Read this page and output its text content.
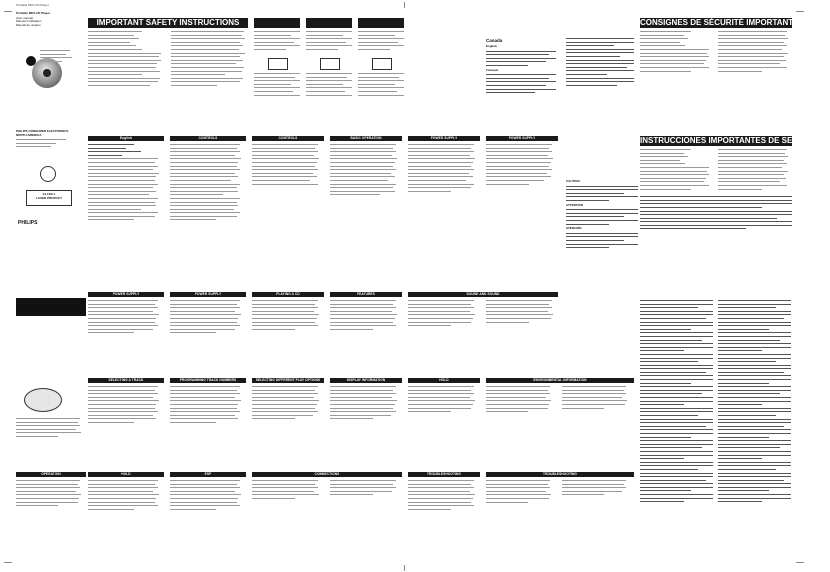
Portable MP3-CD Player
Portable MP3-CD Player
User manual
Manuel d'utilisation
Manual de usuario	IMPORTANT SAFETY INSTRUCTIONS
Canada
English
Français
CONSIGNES DE SÉCURITÉ IMPORTANTES
PHILIPS CONSUMER ELECTRONICS
NORTH AMERICA
CLASS 1
LASER PRODUCT
PHILIPS
English	CONTROLS	CONTROLS	BASIC OPERATION	POWER SUPPLY	POWER SUPPLY
CAUTION
ATTENTION
ATENCIÓN
INSTRUCCIONES IMPORTANTES DE SEGURIDAD
POWER SUPPLY	POWER SUPPLY	PLAYING A CD	FEATURES	SOUND AND SOUND
SELECTING A TRACK	PROGRAMMING TRACK NUMBERS	SELECTING DIFFERENT PLAY OPTIONS	DISPLAY INFORMATION	HOLD	ENVIRONMENTAL INFORMATION
OPERATION	HOLD	ESP	CONNECTIONS	TROUBLESHOOTING	TROUBLESHOOTING
